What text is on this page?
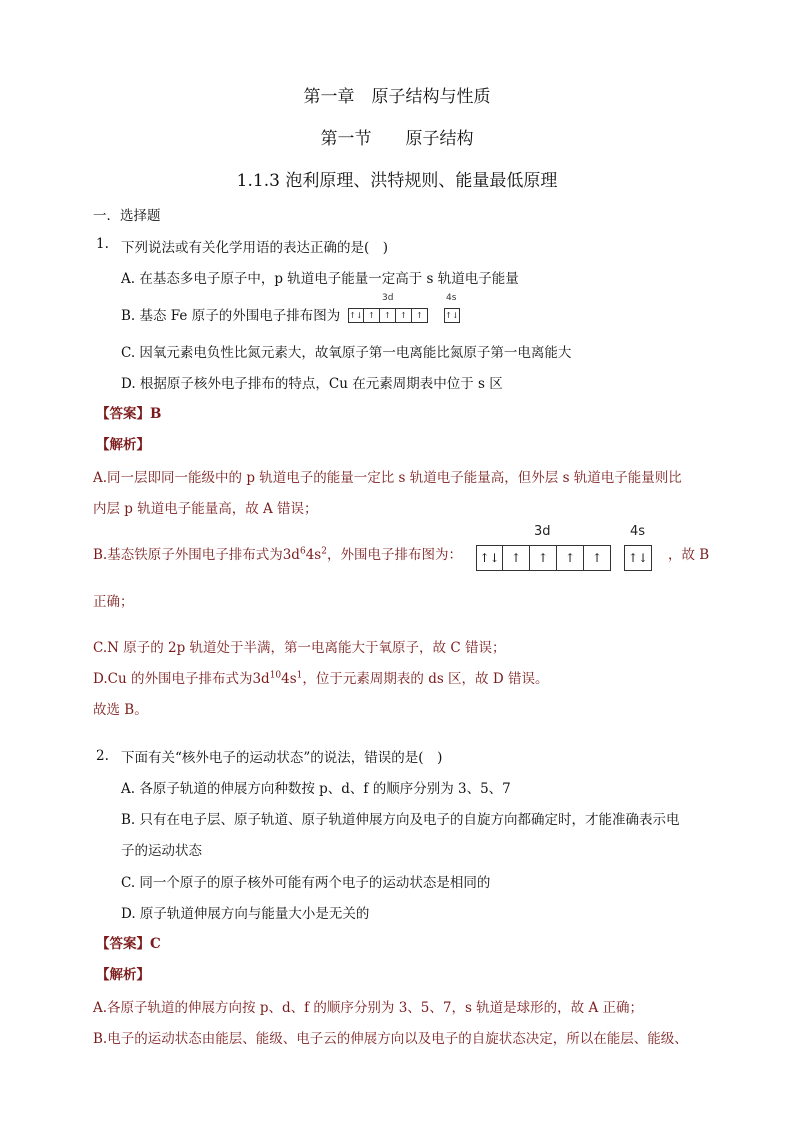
第一章　原子结构与性质
第一节　　原子结构
1.1.3 泡利原理、洪特规则、能量最低原理
一．选择题
1. 下列说法或有关化学用语的表达正确的是(　)
A. 在基态多电子原子中，p 轨道电子能量一定高于 s 轨道电子能量
B. 基态 Fe 原子的外围电子排布图为
3d	4s
↑↓ ↑	↑	↑	↑	↑↓
C. 因氧元素电负性比氮元素大，故氧原子第一电离能比氮原子第一电离能大
D. 根据原子核外电子排布的特点，Cu 在元素周期表中位于 s 区
【答案】B
【解析】
A.同一层即同一能级中的 p 轨道电子的能量一定比 s 轨道电子能量高，但外层 s 轨道电子能量则比
内层 p 轨道电子能量高，故 A 错误；
B.基态铁原子外围电子排布式为$3d^64s^2$，外围电子排布图为：
3d	4s
↑↓ ↑	↑	↑	↑	↑↓ ，故 B
正确；
C.N 原子的 2p 轨道处于半满，第一电离能大于氧原子，故 C 错误；
D.Cu 的外围电子排布式为$3d^{10}4s^1$，位于元素周期表的 ds 区，故 D 错误。
故选 B。
2. 下面有关“核外电子的运动状态”的说法，错误的是(　)
A. 各原子轨道的伸展方向种数按 p、d、f 的顺序分别为 3、5、7
B. 只有在电子层、原子轨道、原子轨道伸展方向及电子的自旋方向都确定时，才能准确表示电
子的运动状态
C. 同一个原子的原子核外可能有两个电子的运动状态是相同的
D. 原子轨道伸展方向与能量大小是无关的
【答案】C
【解析】
A.各原子轨道的伸展方向按 p、d、f 的顺序分别为 3、5、7，s 轨道是球形的，故 A 正确；
B.电子的运动状态由能层、能级、电子云的伸展方向以及电子的自旋状态决定，所以在能层、能级、
